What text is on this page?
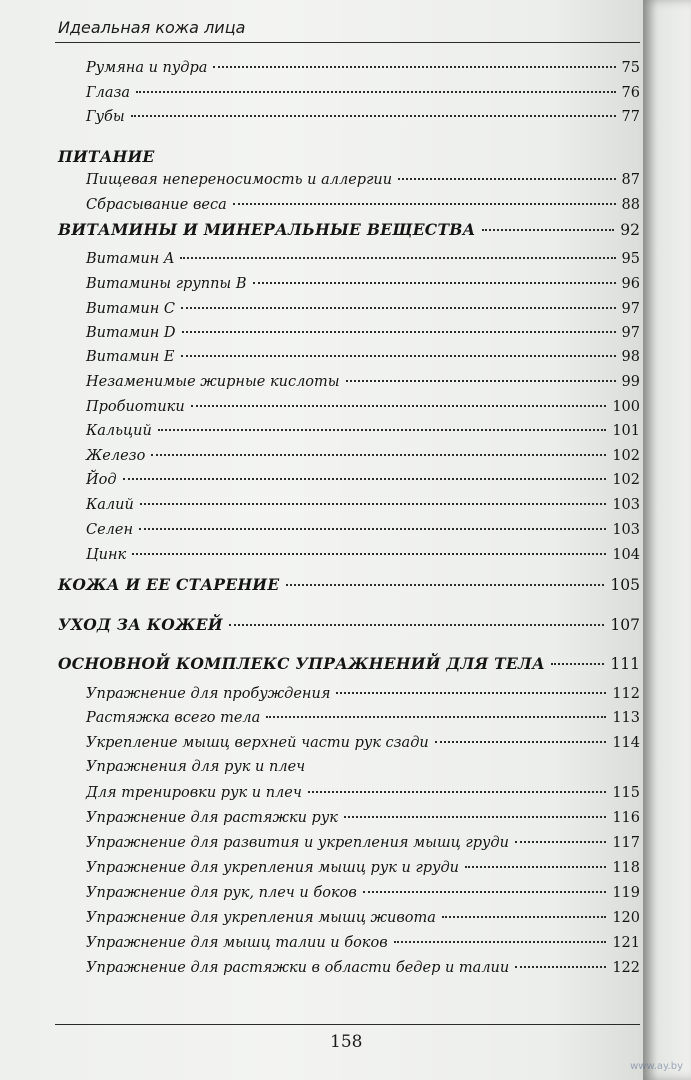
Идеальная кожа лица
Румяна и пудра	75
Глаза	76
Губы	77
ПИТАНИЕ
Пищевая непереносимость и аллергии	87
Сбрасывание веса	88
ВИТАМИНЫ И МИНЕРАЛЬНЫЕ ВЕЩЕСТВА	92
Витамин A	95
Витамины группы B	96
Витамин C	97
Витамин D	97
Витамин E	98
Незаменимые жирные кислоты	99
Пробиотики	100
Кальций	101
Железо	102
Йод	102
Калий	103
Селен	103
Цинк	104
КОЖА И ЕЕ СТАРЕНИЕ	105
УХОД ЗА КОЖЕЙ	107
ОСНОВНОЙ КОМПЛЕКС УПРАЖНЕНИЙ ДЛЯ ТЕЛА	111
Упражнение для пробуждения	112
Растяжка всего тела	113
Укрепление мышц верхней части рук сзади	114
Упражнения для рук и плеч
Для тренировки рук и плеч	115
Упражнение для растяжки рук	116
Упражнение для развития и укрепления мышц груди	117
Упражнение для укрепления мышц рук и груди	118
Упражнение для рук, плеч и боков	119
Упражнение для укрепления мышц живота	120
Упражнение для мышц талии и боков	121
Упражнение для растяжки в области бедер и талии	122
158
www.ay.by
